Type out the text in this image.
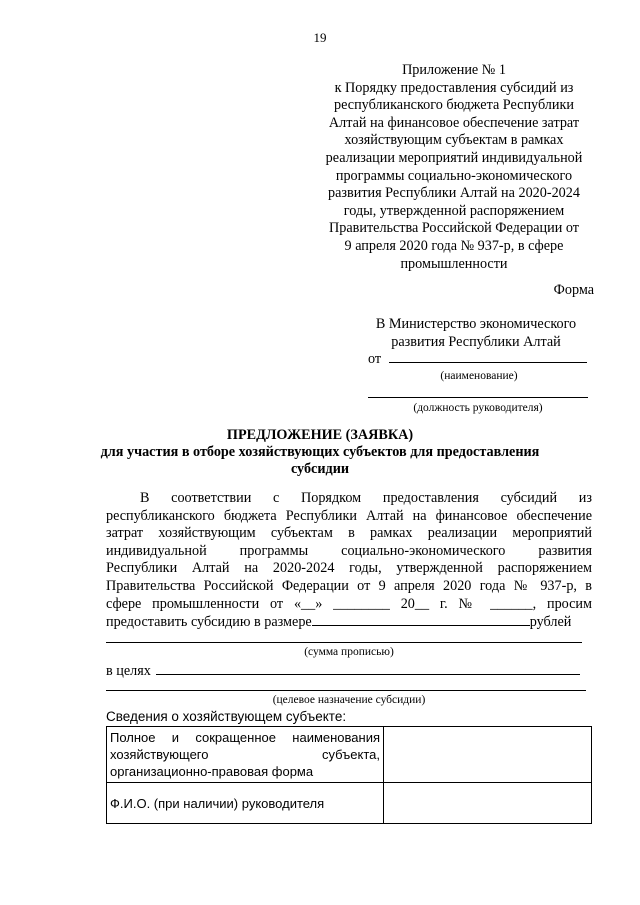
19
Приложение № 1
к Порядку предоставления субсидий из
республиканского бюджета Республики
Алтай на финансовое обеспечение затрат
хозяйствующим субъектам в рамках
реализации мероприятий индивидуальной
программы социально-экономического
развития Республики Алтай на 2020-2024
годы, утвержденной распоряжением
Правительства Российской Федерации от
9 апреля 2020 года № 937-р, в сфере
промышленности
Форма
В Министерство экономического
развития Республики Алтай
от
(наименование)
(должность руководителя)
ПРЕДЛОЖЕНИЕ (ЗАЯВКА)
для участия в отборе хозяйствующих субъектов для предоставления
субсидии
В соответствии с Порядком предоставления субсидий из
республиканского бюджета Республики Алтай на финансовое обеспечение
затрат хозяйствующим субъектам в рамках реализации мероприятий
индивидуальной программы социально-экономического развития
Республики Алтай на 2020-2024 годы, утвержденной распоряжением
Правительства Российской Федерации от 9 апреля 2020 года № 937-р, в
сфере промышленности от «__» ________ 20__ г. № ______, просим
предоставить субсидию в размере	рублей
(сумма прописью)
в целях
(целевое назначение субсидии)
Сведения о хозяйствующем субъекте:
Полное и сокращенное наименования
хозяйствующего субъекта,
организационно-правовая форма	

Ф.И.О. (при наличии) руководителя	
